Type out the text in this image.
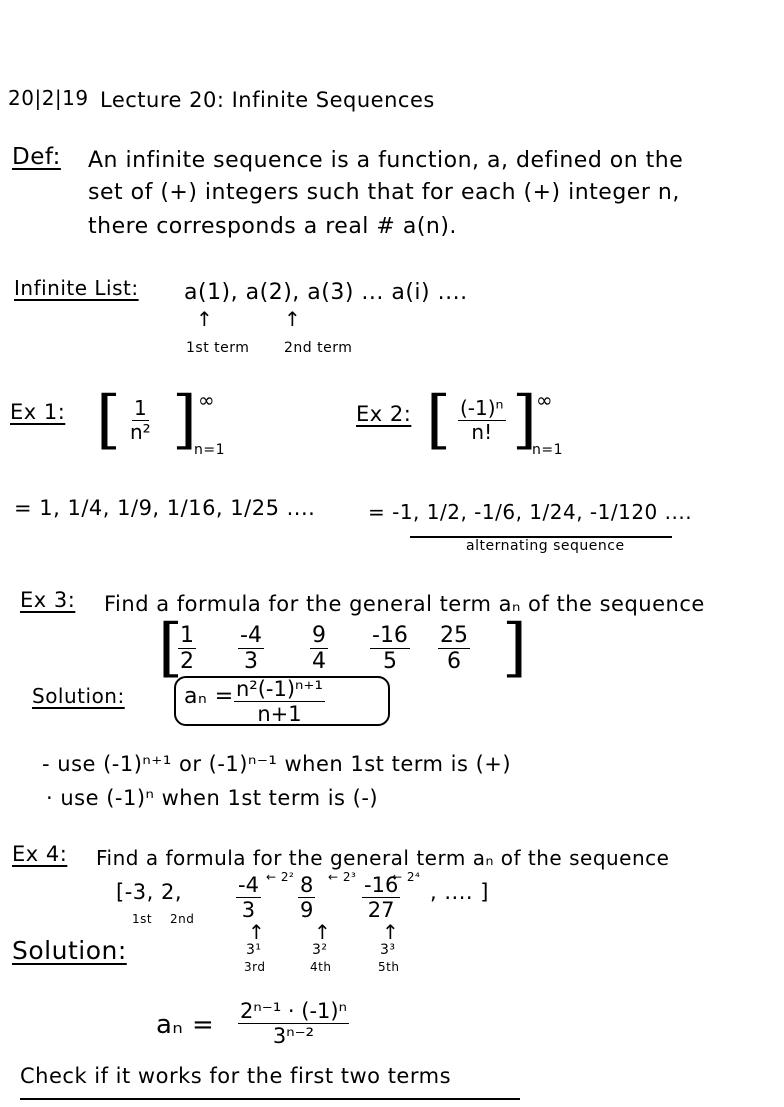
20|2|19 Lecture 20: Infinite Sequences
Def: An infinite sequence is a function, a, defined on the
set of (+) integers such that for each (+) integer n,
there corresponds a real # a(n).
Infinite List: a(1), a(2), a(3) ... a(i) ....
↑	↑
1st term 2nd term
Ex 1: [ $\frac{1}{\text{n²}}$ ] ∞
n=1
= 1, 1/4, 1/9, 1/16, 1/25 ....
Ex 2: [ $\frac{\text{(-1)ⁿ}}{n!}$ ] ∞
n=1
= -1, 1/2, -1/6, 1/24, -1/120 ....
alternating sequence
Ex 3: Find a formula for the general term aₙ of the sequence
[
$\frac{1}{2} \frac{-4}{3} \frac{9}{4} \frac{-16}{5} \frac{25}{6}$ ]
Solution:	$a_n = \frac{\text{n²(-1)ⁿ⁺¹}}{n+1}$
- use (-1)ⁿ⁺¹ or (-1)ⁿ⁻¹ when 1st term is (+)
· use (-1)ⁿ when 1st term is (-)
Ex 4: Find a formula for the general term aₙ of the sequence
[-3, 2,	$\frac{-4}{3}$ ← $2^2 \frac{8}{9}$ ← $2^3 \frac{-16}{27}$
← 2⁴
, .... ]
1st 2nd
↑
3¹
3rd
↑
3²
4th
↑
3³
5th
Solution:
$a_n = \frac{\text{2ⁿ⁻¹ · (-1)ⁿ}}{\text{3ⁿ⁻²}}$
Check if it works for the first two terms
